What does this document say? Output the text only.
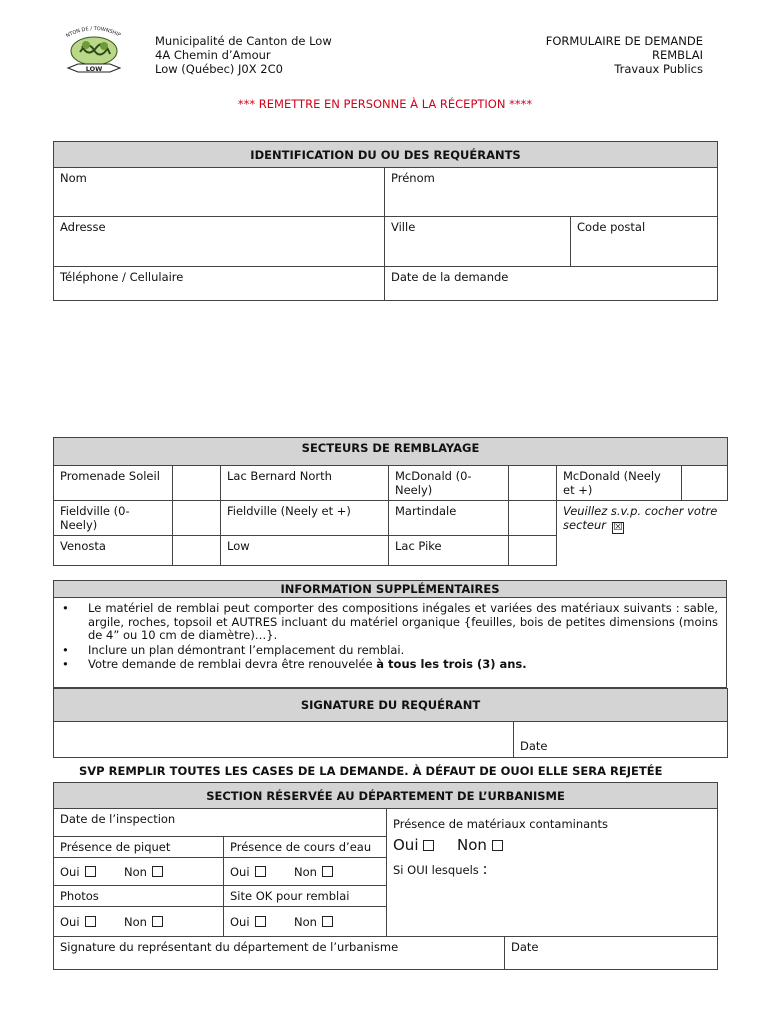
NTON DE / TOWNSHIP
LOW
Municipalité de Canton de Low
4A Chemin d’Amour
Low (Québec) J0X 2C0
FORMULAIRE DE DEMANDE
REMBLAI
Travaux Publics
*** REMETTRE EN PERSONNE À LA RÉCEPTION ****
IDENTIFICATION DU OU DES REQUÉRANTS		
Nom	Prénom	
Adresse	Ville	Code postal
Téléphone / Cellulaire	Date de la demande	
SECTEURS DE REMBLAYAGE						
Promenade Soleil		Lac Bernard North	McDonald (0-Neely)		McDonald (Neely et +)	
Fieldville (0-Neely)		Fieldville (Neely et +)	Martindale		Veuillez s.v.p. cocher votre secteur ☒	
Venosta		Low	Lac Pike			
INFORMATION SUPPLÉMENTAIRES

• Le matériel de remblai peut comporter des compositions inégales et variées des matériaux suivants : sable, argile, roches, topsoil et AUTRES incluant du matériel organique {feuilles, bois de petites dimensions (moins de 4” ou 10 cm de diamètre)…}.
• Inclure un plan démontrant l’emplacement du remblai.
• Votre demande de remblai devra être renouvelée à tous les trois (3) ans.
SIGNATURE DU REQUÉRANT
	Date
SVP REMPLIR TOUTES LES CASES DE LA DEMANDE. À DÉFAUT DE OUOI ELLE SERA REJETÉE
SECTION RÉSERVÉE AU DÉPARTEMENT DE L’URBANISME			
Date de l’inspection		Présence de matériaux contaminants
Oui Non
Si OUI lesquels :	

Présence de piquet	Présence de cours d’eau		
Oui Non	Oui Non		
Photos	Site OK pour remblai		
Oui Non	Oui Non		
Signature du représentant du département de l’urbanisme			Date
